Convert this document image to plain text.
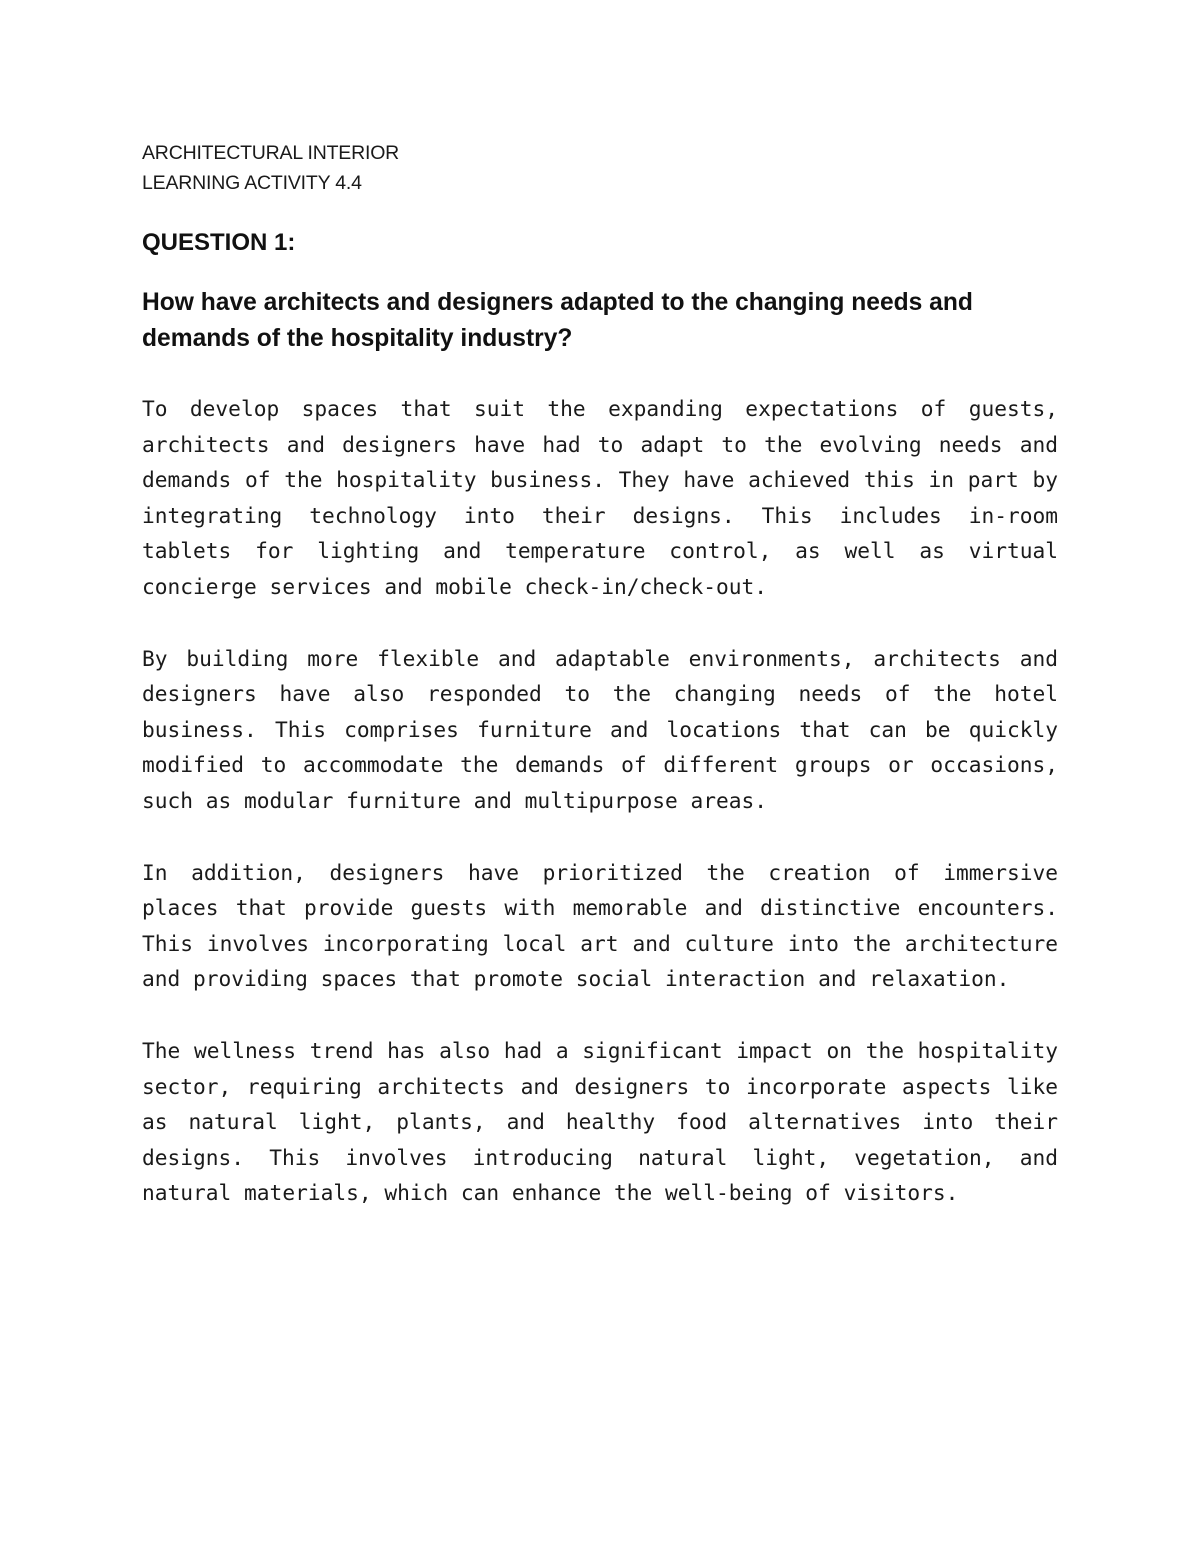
ARCHITECTURAL INTERIOR

LEARNING ACTIVITY 4.4

QUESTION 1:

How have architects and designers adapted to the changing needs and demands of the hospitality industry?

To develop spaces that suit the expanding expectations of guests, architects and designers have had to adapt to the evolving needs and demands of the hospitality business. They have achieved this in part by integrating technology into their designs. This includes in-room tablets for lighting and temperature control, as well as virtual concierge services and mobile check-in/check-out.

By building more flexible and adaptable environments, architects and designers have also responded to the changing needs of the hotel business. This comprises furniture and locations that can be quickly modified to accommodate the demands of different groups or occasions, such as modular furniture and multipurpose areas.

In addition, designers have prioritized the creation of immersive places that provide guests with memorable and distinctive encounters. This involves incorporating local art and culture into the architecture and providing spaces that promote social interaction and relaxation.

The wellness trend has also had a significant impact on the hospitality sector, requiring architects and designers to incorporate aspects like as natural light, plants, and healthy food alternatives into their designs. This involves introducing natural light, vegetation, and natural materials, which can enhance the well-being of visitors.
